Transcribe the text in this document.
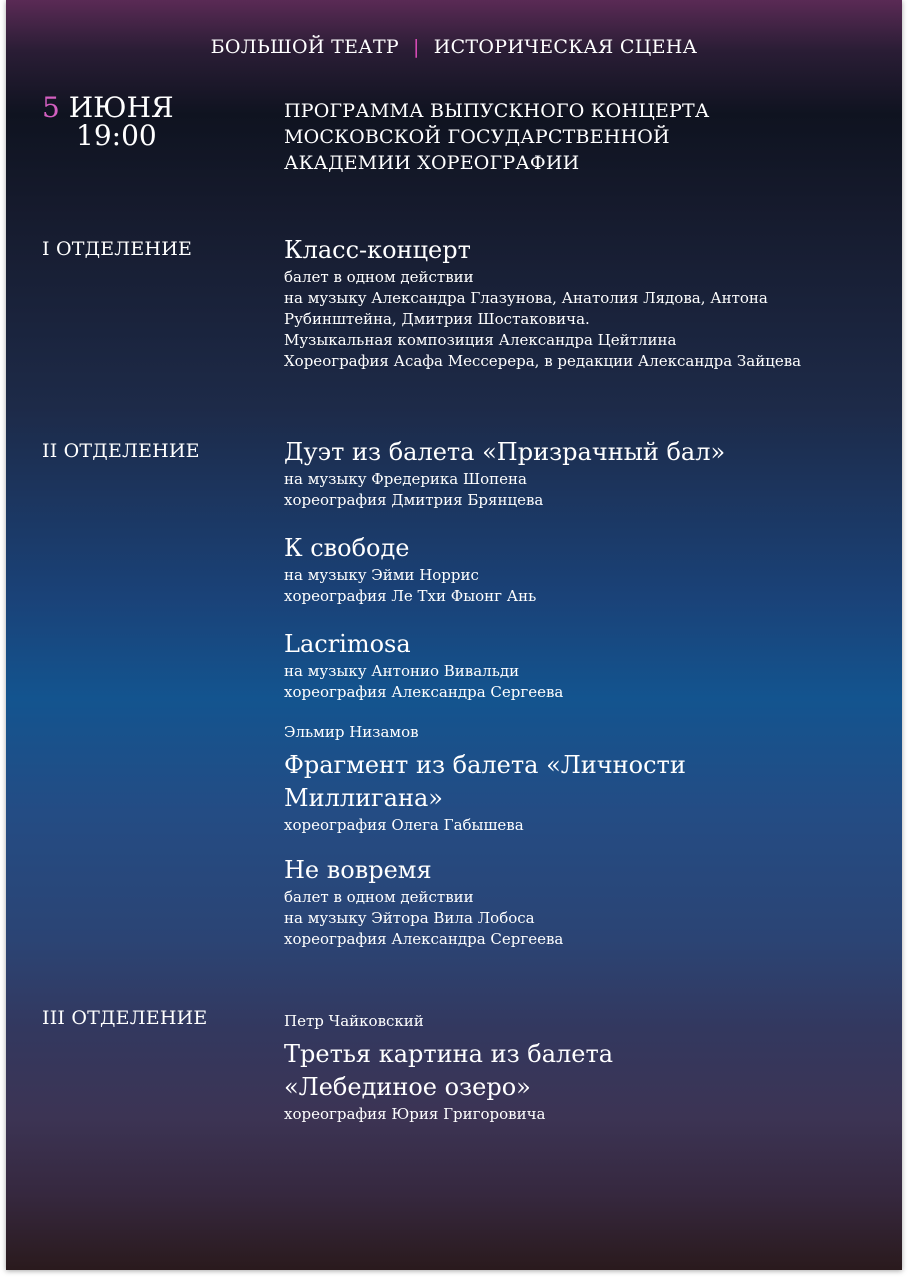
БОЛЬШОЙ ТЕАТР | ИСТОРИЧЕСКАЯ СЦЕНА
5 ИЮНЯ
19:00
ПРОГРАММА ВЫПУСКНОГО КОНЦЕРТА
МОСКОВСКОЙ ГОСУДАРСТВЕННОЙ
АКАДЕМИИ ХОРЕОГРАФИИ
I ОТДЕЛЕНИЕ	Класс-концерт
балет в одном действии
на музыку Александра Глазунова, Анатолия Лядова, Антона
Рубинштейна, Дмитрия Шостаковича.
Музыкальная композиция Александра Цейтлина
Хореография Асафа Мессерера, в редакции Александра Зайцева
II ОТДЕЛЕНИЕ	Дуэт из балета «Призрачный бал»
на музыку Фредерика Шопена
хореография Дмитрия Брянцева
К свободе
на музыку Эйми Норрис
хореография Ле Тхи Фыонг Ань
Lacrimosa
на музыку Антонио Вивальди
хореография Александра Сергеева
Эльмир Низамов
Фрагмент из балета «Личности
Миллигана»
хореография Олега Габышева
Не вовремя
балет в одном действии
на музыку Эйтора Вила Лобоса
хореография Александра Сергеева
III ОТДЕЛЕНИЕ	Петр Чайковский
Третья картина из балета
«Лебединое озеро»
хореография Юрия Григоровича
